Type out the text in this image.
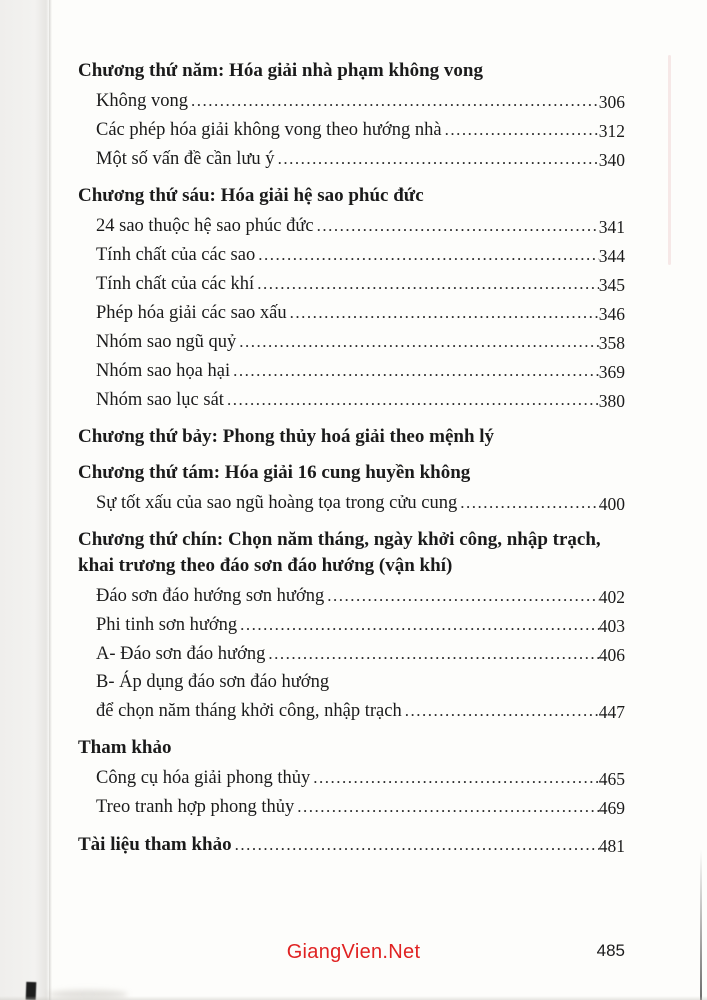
Chương thứ năm: Hóa giải nhà phạm không vong
Không vong .....	306
Các phép hóa giải không vong theo hướng nhà .....	312
Một số vấn đề cần lưu ý .....	340
Chương thứ sáu: Hóa giải hệ sao phúc đức
24 sao thuộc hệ sao phúc đức .....	341
Tính chất của các sao .....	344
Tính chất của các khí .....	345
Phép hóa giải các sao xấu .....	346
Nhóm sao ngũ quỷ .....	358
Nhóm sao họa hại .....	369
Nhóm sao lục sát .....	380
Chương thứ bảy: Phong thủy hoá giải theo mệnh lý
Chương thứ tám: Hóa giải 16 cung huyền không
Sự tốt xấu của sao ngũ hoàng tọa trong cửu cung .....	400
Chương thứ chín: Chọn năm tháng, ngày khởi công, nhập trạch,
khai trương theo đáo sơn đáo hướng (vận khí)
Đáo sơn đáo hướng sơn hướng .....	402
Phi tinh sơn hướng .....	403
A- Đáo sơn đáo hướng .....	406
B- Áp dụng đáo sơn đáo hướng
để chọn năm tháng khởi công, nhập trạch .....	447
Tham khảo
Công cụ hóa giải phong thủy .....	465
Treo tranh hợp phong thủy .....	469
Tài liệu tham khảo .....	481
GiangVien.Net	485
